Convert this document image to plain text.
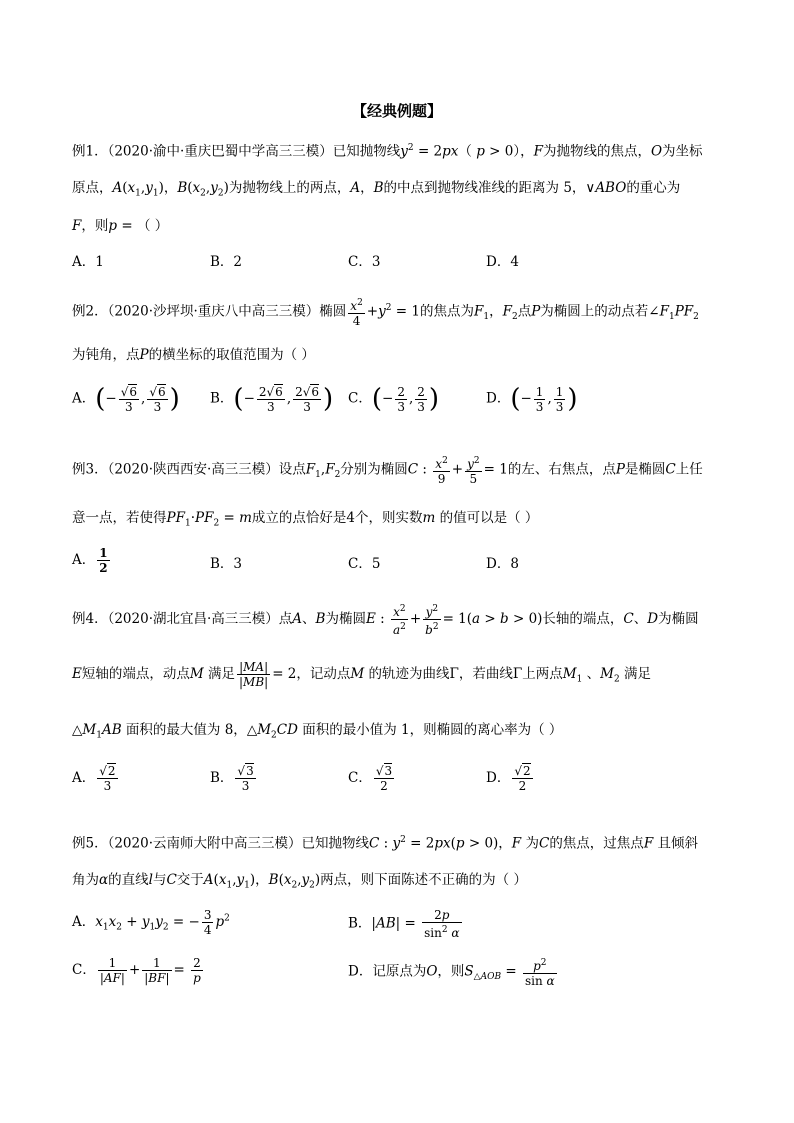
【经典例题】
例1．（2020·渝中·重庆巴蜀中学高三三模）已知抛物线$y^2 = 2px$（ p > 0），F为抛物线的焦点，O为坐标
原点，$A(x_1,y_1)$，$B(x_2,y_2)$为抛物线上的两点，A，B的中点到抛物线准线的距离为 5，∨ABO的重心为
F，则p = （ ）
A．1	B．2	C．3	D．4
例2．（2020·沙坪坝·重庆八中高三三模）椭圆 $\frac{x^2}{4} +y^2 = 1$的焦点为$F_1$，$F_2$点P为椭圆上的动点若$\angle F_1PF_2$
为钝角，点P的横坐标的取值范围为（ ）
A．(− $\frac{√6}{3}$ , $\frac{√6}{3}$ ) B．(− $\frac{2√6}{3}$ , $\frac{2√6}{3}$ ) C．(− $\frac{2}{3}$ , $\frac{2}{3}$ )	D．(− $\frac{1}{3}$ , $\frac{1}{3}$ )
例3．（2020·陕西西安·高三三模）设点$F_1,F_2$分别为椭圆C : $\frac{x^2}{9} + \frac{y^2}{5} = 1$的左、右焦点，点P是椭圆C上任
意一点，若使得$PF_1\cdot PF_2 = m$成立的点恰好是4个，则实数m 的值可以是（ ）
A． $\frac{1}{2}$	B．3	C．5	D．8
例4．（2020·湖北宜昌·高三三模）点A、B为椭圆E : $\frac{x^2}{a^2} + \frac{y^2}{b^2} = 1(a > b > 0)$长轴的端点，C、D为椭圆
E短轴的端点，动点M 满足 $\frac{|MA|}{|MB|} = 2$，记动点M 的轨迹为曲线Γ，若曲线Γ上两点$M_1$ 、$M_2$ 满足
$\triangle M_1AB$ 面积的最大值为 8，$\triangle M_2CD$ 面积的最小值为 1，则椭圆的离心率为（ ）
A． $\frac{√2}{3}$	B． $\frac{√3}{3}$	C． $\frac{√3}{2}$	D． $\frac{√2}{2}$
例5．（2020·云南师大附中高三三模）已知抛物线C : $y^2 = 2px(p > 0)$，F 为C的焦点，过焦点F 且倾斜
角为α的直线l与C交于$A(x_1,y_1)$，$B(x_2,y_2)$两点，则下面陈述不正确的为（ ）
A．$x_1x_2 + y_1y_2$ = − $\frac{3}{4} p^2$	B．$|AB| = \frac{2p}{\sin^2 \alpha}$
C． $\frac{1}{|AF|} + \frac{1}{|BF|} = \frac{2}{p}$	D．记原点为O，则$S_{\triangle AOB} = \frac{p^2}{\text{sin α}}$
